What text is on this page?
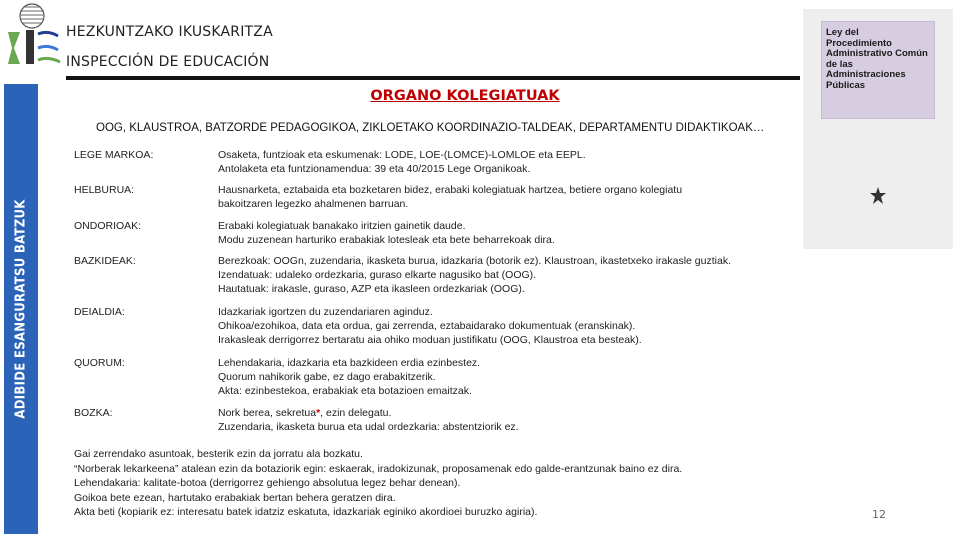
HEZKUNTZAKO IKUSKARITZA
INSPECCIÓN DE EDUCACIÓN
ADIBIDE ESANGURATSU BATZUK
Ley del
Procedimiento
Administrativo Común
de las Administraciones
Públicas
ORGANO KOLEGIATUAK
OOG, KLAUSTROA, BATZORDE PEDAGOGIKOA, ZIKLOETAKO KOORDINAZIO-TALDEAK, DEPARTAMENTU DIDAKTIKOAK…
LEGE MARKOA:	Osaketa, funtzioak eta eskumenak: LODE, LOE-(LOMCE)-LOMLOE eta EEPL.
Antolaketa eta funtzionamendua: 39 eta 40/2015 Lege Organikoak.
HELBURUA:	Hausnarketa, eztabaida eta bozketaren bidez, erabaki kolegiatuak hartzea, betiere organo kolegiatu
bakoitzaren legezko ahalmenen barruan.
ONDORIOAK:	Erabaki kolegiatuak banakako iritzien gainetik daude.
Modu zuzenean harturiko erabakiak lotesleak eta bete beharrekoak dira.
BAZKIDEAK:	Berezkoak: OOGn, zuzendaria, ikasketa burua, idazkaria (botorik ez). Klaustroan, ikastetxeko irakasle guztiak.
Izendatuak: udaleko ordezkaria, guraso elkarte nagusiko bat (OOG).
Hautatuak: irakasle, guraso, AZP eta ikasleen ordezkariak (OOG).
DEIALDIA:	Idazkariak igortzen du zuzendariaren aginduz.
Ohikoa/ezohikoa, data eta ordua, gai zerrenda, eztabaidarako dokumentuak (eranskinak).
Irakasleak derrigorrez bertaratu aia ohiko moduan justifikatu (OOG, Klaustroa eta besteak).
QUORUM:	Lehendakaria, idazkaria eta bazkideen erdia ezinbestez.
Quorum nahikorik gabe, ez dago erabakitzerik.
Akta: ezinbestekoa, erabakiak eta botazioen emaitzak.
BOZKA:	Nork berea, sekretua*, ezin delegatu.
Zuzendaria, ikasketa burua eta udal ordezkaria: abstentziorik ez.
Gai zerrendako asuntoak, besterik ezin da jorratu ala bozkatu.
“Norberak lekarkeena” atalean ezin da botaziorik egin: eskaerak, iradokizunak, proposamenak edo galde-erantzunak baino ez dira.
Lehendakaria: kalitate-botoa (derrigorrez gehiengo absolutua legez behar denean).
Goikoa bete ezean, hartutako erabakiak bertan behera geratzen dira.
Akta beti (kopiarik ez: interesatu batek idatziz eskatuta, idazkariak eginiko akordioei buruzko agiria).	12
